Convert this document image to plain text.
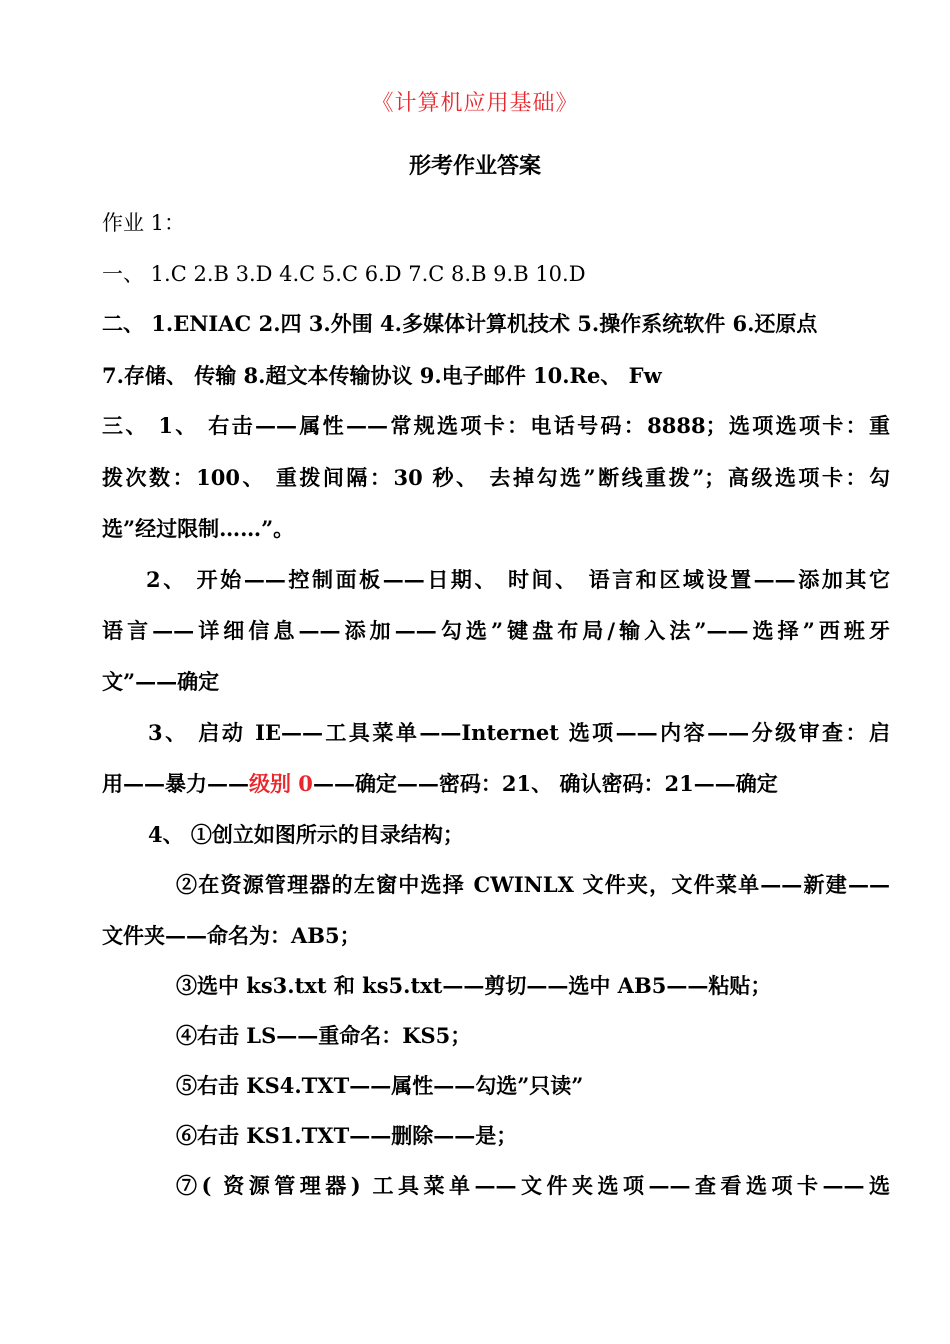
《计算机应用基础》
形考作业答案
作业 1：
一、 1.C 2.B 3.D 4.C 5.C 6.D 7.C 8.B 9.B 10.D
二、 1.ENIAC 2.四 3.外围 4.多媒体计算机技术 5.操作系统软件 6.还原点
7.存储、 传输 8.超文本传输协议 9.电子邮件 10.Re、 Fw
三、 1、 右击——属性——常规选项卡：电话号码：8888；选项选项卡：重
拨次数：100、 重拨间隔：30 秒、 去掉勾选”断线重拨”；高级选项卡：勾
选”经过限制……”。
2、 开始——控制面板——日期、 时间、 语言和区域设置——添加其它
语言——详细信息——添加——勾选”键盘布局/输入法”——选择”西班牙
文”——确定
3、 启动 IE——工具菜单——Internet 选项——内容——分级审查：启
用——暴力——级别 0——确定——密码：21、 确认密码：21——确定
4、 ①创立如图所示的目录结构；
②在资源管理器的左窗中选择 CWINLX 文件夹，文件菜单——新建——
文件夹——命名为：AB5；
③选中 ks3.txt 和 ks5.txt——剪切——选中 AB5——粘贴；
④右击 LS——重命名：KS5；
⑤右击 KS4.TXT——属性——勾选”只读”
⑥右击 KS1.TXT——删除——是；
⑦( 资源管理器) 工具菜单——文件夹选项——查看选项卡——选
